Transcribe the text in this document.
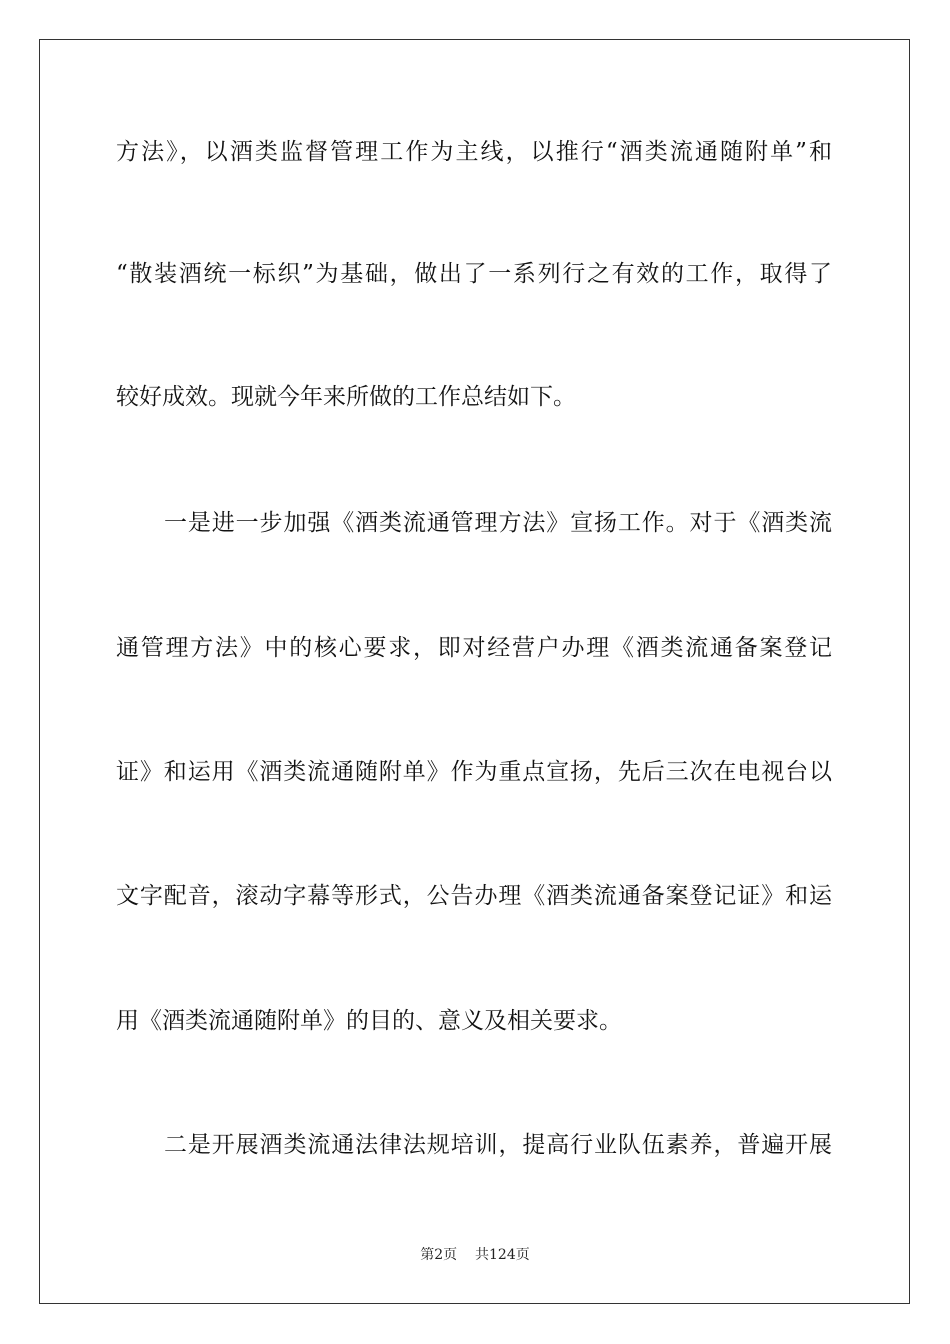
方法》，以酒类监督管理工作为主线，以推行“酒类流通随附单”和
“散装酒统一标织”为基础，做出了一系列行之有效的工作，取得了
较好成效。现就今年来所做的工作总结如下。
一是进一步加强《酒类流通管理方法》宣扬工作。对于《酒类流
通管理方法》中的核心要求，即对经营户办理《酒类流通备案登记
证》和运用《酒类流通随附单》作为重点宣扬，先后三次在电视台以
文字配音，滚动字幕等形式，公告办理《酒类流通备案登记证》和运
用《酒类流通随附单》的目的、意义及相关要求。
二是开展酒类流通法律法规培训，提高行业队伍素养，普遍开展
第2页 共124页
